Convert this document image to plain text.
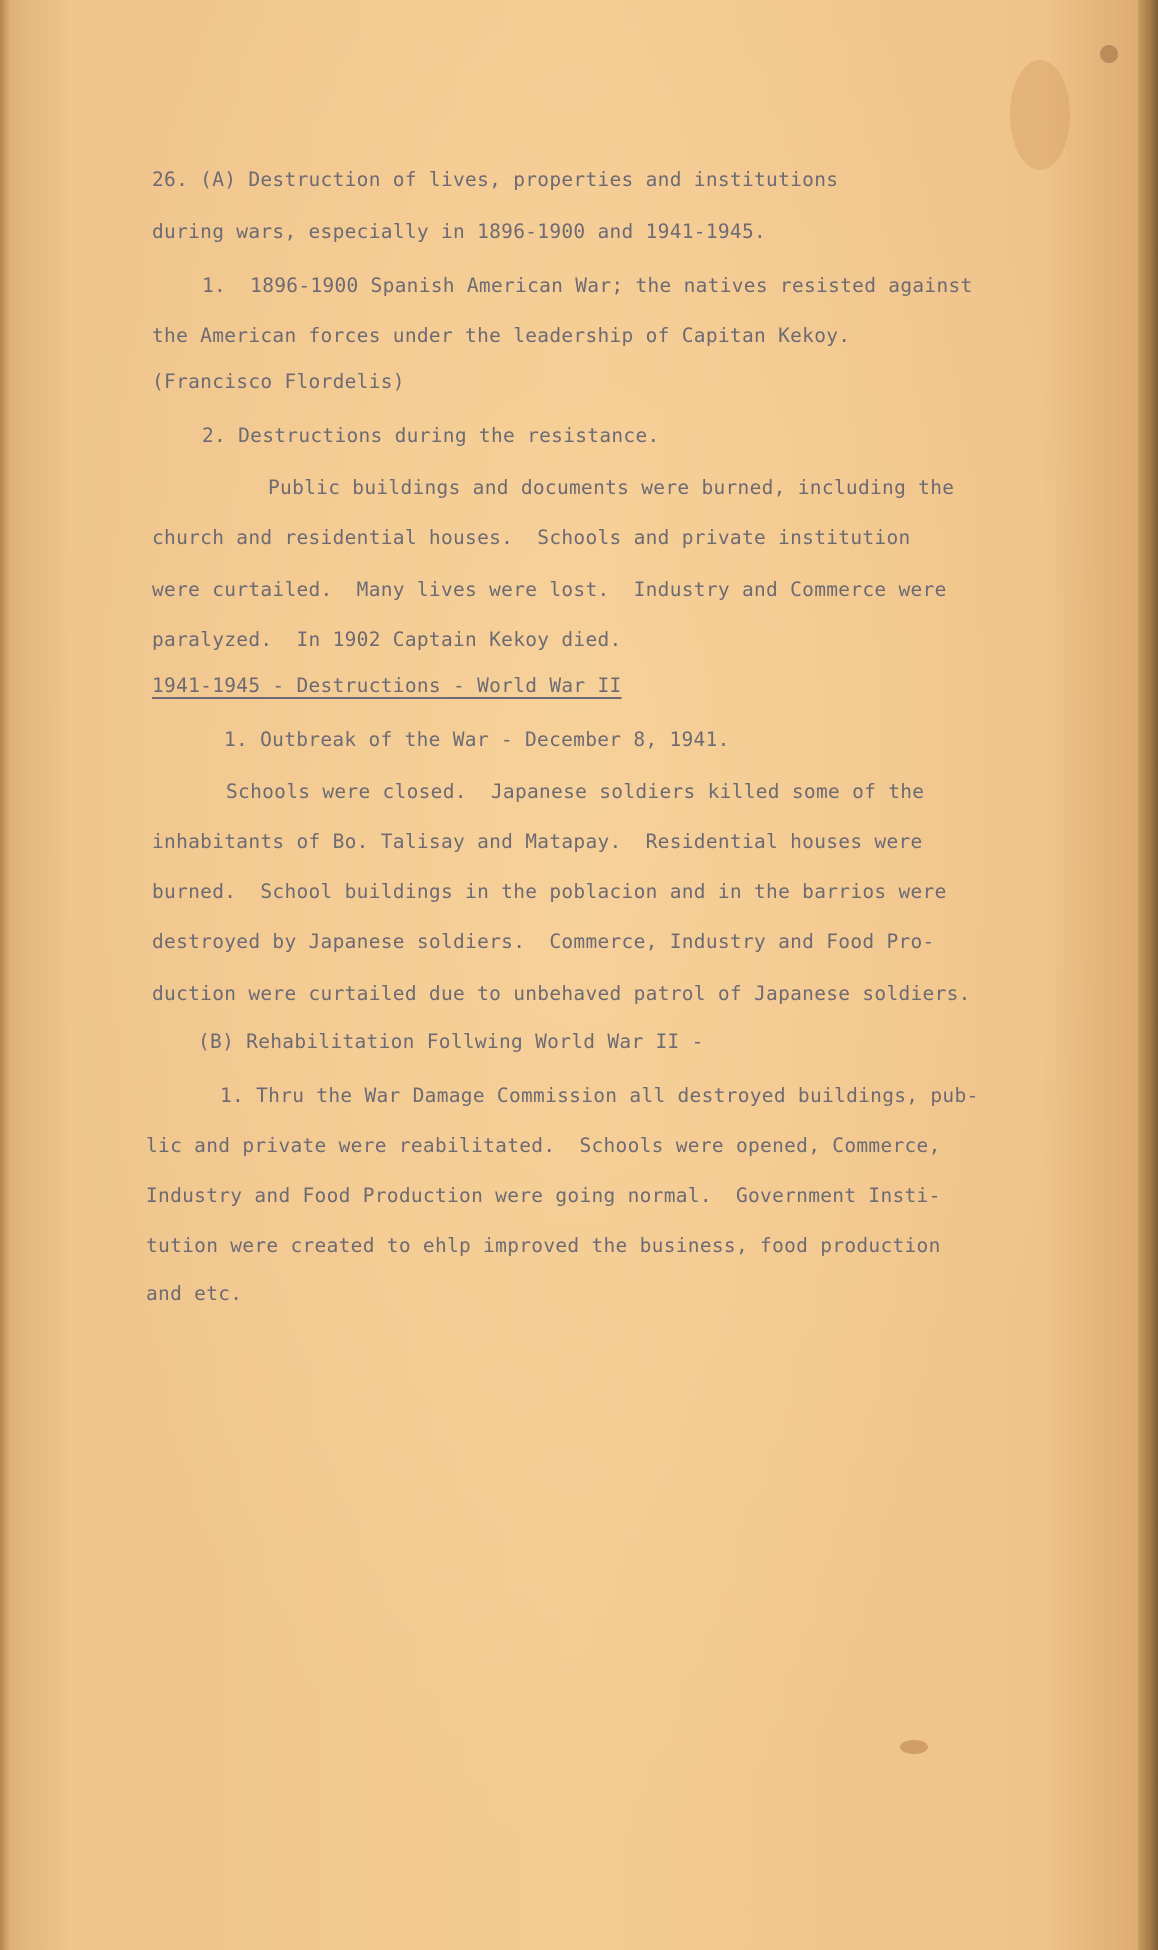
26. (A) Destruction of lives, properties and institutions

during wars, especially in 1896-1900 and 1941-1945.

1.  1896-1900 Spanish American War; the natives resisted against

the American forces under the leadership of Capitan Kekoy.

(Francisco Flordelis)

2. Destructions during the resistance.

Public buildings and documents were burned, including the

church and residential houses.  Schools and private institution

were curtailed.  Many lives were lost.  Industry and Commerce were

paralyzed.  In 1902 Captain Kekoy died.

1941-1945 - Destructions - World War II

1. Outbreak of the War - December 8, 1941.

Schools were closed.  Japanese soldiers killed some of the

inhabitants of Bo. Talisay and Matapay.  Residential houses were

burned.  School buildings in the poblacion and in the barrios were

destroyed by Japanese soldiers.  Commerce, Industry and Food Pro-

duction were curtailed due to unbehaved patrol of Japanese soldiers.

(B) Rehabilitation Follwing World War II -

1. Thru the War Damage Commission all destroyed buildings, pub-

lic and private were reabilitated.  Schools were opened, Commerce,

Industry and Food Production were going normal.  Government Insti-

tution were created to ehlp improved the business, food production

and etc.
